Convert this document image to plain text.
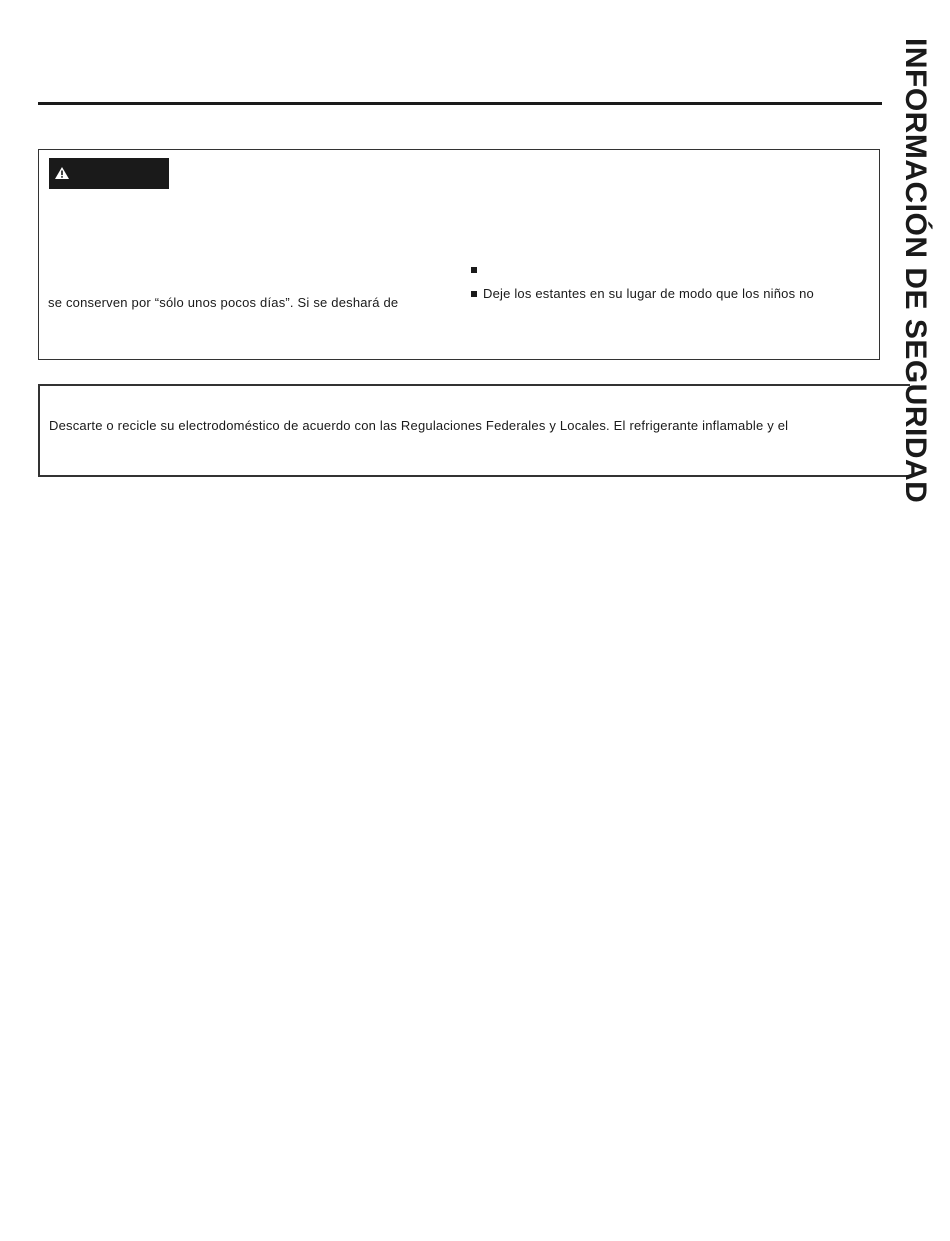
se conserven por “sólo unos pocos días”. Si se deshará de
Deje los estantes en su lugar de modo que los niños no
Descarte o recicle su electrodoméstico de acuerdo con las Regulaciones Federales y Locales. El refrigerante inflamable y el	INFORMACIÓN DE SEGURIDAD
